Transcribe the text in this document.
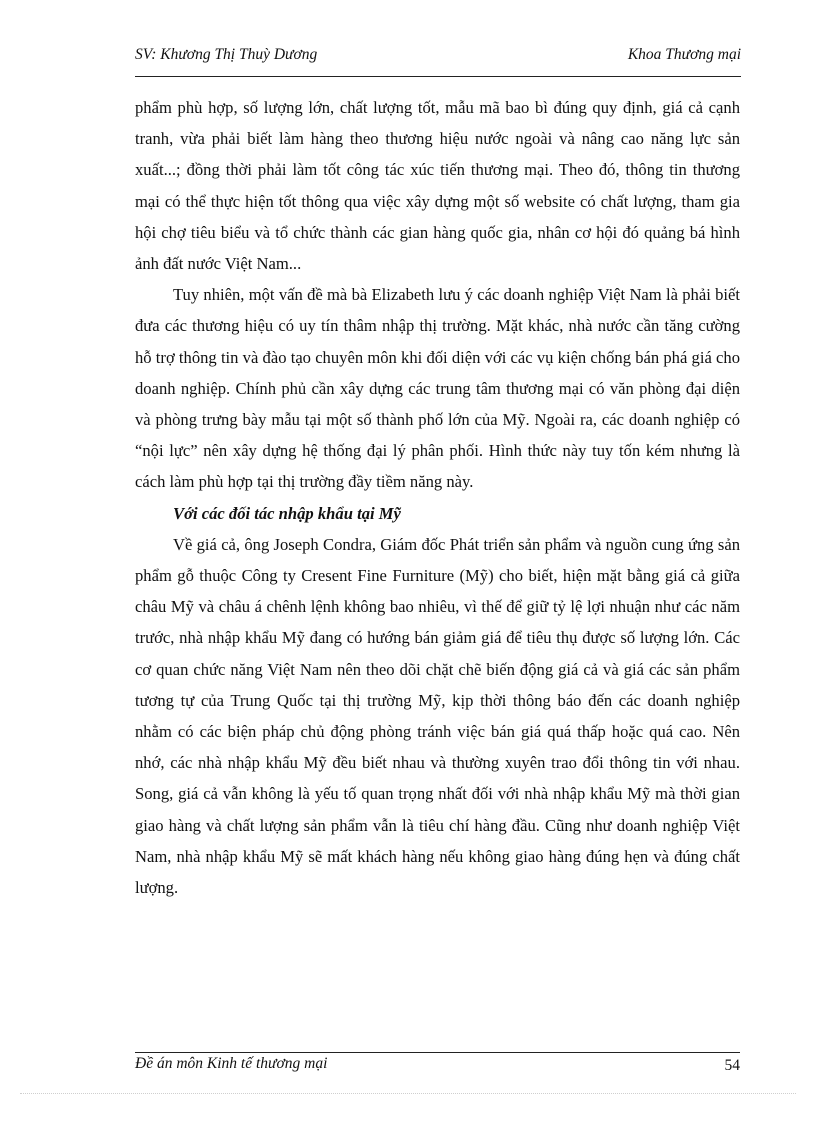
SV: Khương Thị Thuỳ Dương	Khoa Thương mại

phẩm phù hợp, số lượng lớn, chất lượng tốt, mẫu mã bao bì đúng quy định, giá cả cạnh tranh, vừa phải biết làm hàng theo thương hiệu nước ngoài và nâng cao năng lực sản xuất...; đồng thời phải làm tốt công tác xúc tiến thương mại. Theo đó, thông tin thương mại có thể thực hiện tốt thông qua việc xây dựng một số website có chất lượng, tham gia hội chợ tiêu biểu và tổ chức thành các gian hàng quốc gia, nhân cơ hội đó quảng bá hình ảnh đất nước Việt Nam...

Tuy nhiên, một vấn đề mà bà Elizabeth lưu ý các doanh nghiệp Việt Nam là phải biết đưa các thương hiệu có uy tín thâm nhập thị trường. Mặt khác, nhà nước cần tăng cường hỗ trợ thông tin và đào tạo chuyên môn khi đối diện với các vụ kiện chống bán phá giá cho doanh nghiệp. Chính phủ cần xây dựng các trung tâm thương mại có văn phòng đại diện và phòng trưng bày mẫu tại một số thành phố lớn của Mỹ. Ngoài ra, các doanh nghiệp có “nội lực” nên xây dựng hệ thống đại lý phân phối. Hình thức này tuy tốn kém nhưng là cách làm phù hợp tại thị trường đầy tiềm năng này.

Với các đối tác nhập khẩu tại Mỹ

Về giá cả, ông Joseph Condra, Giám đốc Phát triển sản phẩm và nguồn cung ứng sản phẩm gỗ thuộc Công ty Cresent Fine Furniture (Mỹ) cho biết, hiện mặt bằng giá cả giữa châu Mỹ và châu á chênh lệnh không bao nhiêu, vì thế để giữ tỷ lệ lợi nhuận như các năm trước, nhà nhập khẩu Mỹ đang có hướng bán giảm giá để tiêu thụ được số lượng lớn. Các cơ quan chức năng Việt Nam nên theo dõi chặt chẽ biến động giá cả và giá các sản phẩm tương tự của Trung Quốc tại thị trường Mỹ, kịp thời thông báo đến các doanh nghiệp nhằm có các biện pháp chủ động phòng tránh việc bán giá quá thấp hoặc quá cao. Nên nhớ, các nhà nhập khẩu Mỹ đều biết nhau và thường xuyên trao đổi thông tin với nhau. Song, giá cả vẫn không là yếu tố quan trọng nhất đối với nhà nhập khẩu Mỹ mà thời gian giao hàng và chất lượng sản phẩm vẫn là tiêu chí hàng đầu. Cũng như doanh nghiệp Việt Nam, nhà nhập khẩu Mỹ sẽ mất khách hàng nếu không giao hàng đúng hẹn và đúng chất lượng.

Đề án môn Kinh tế thương mại	54
